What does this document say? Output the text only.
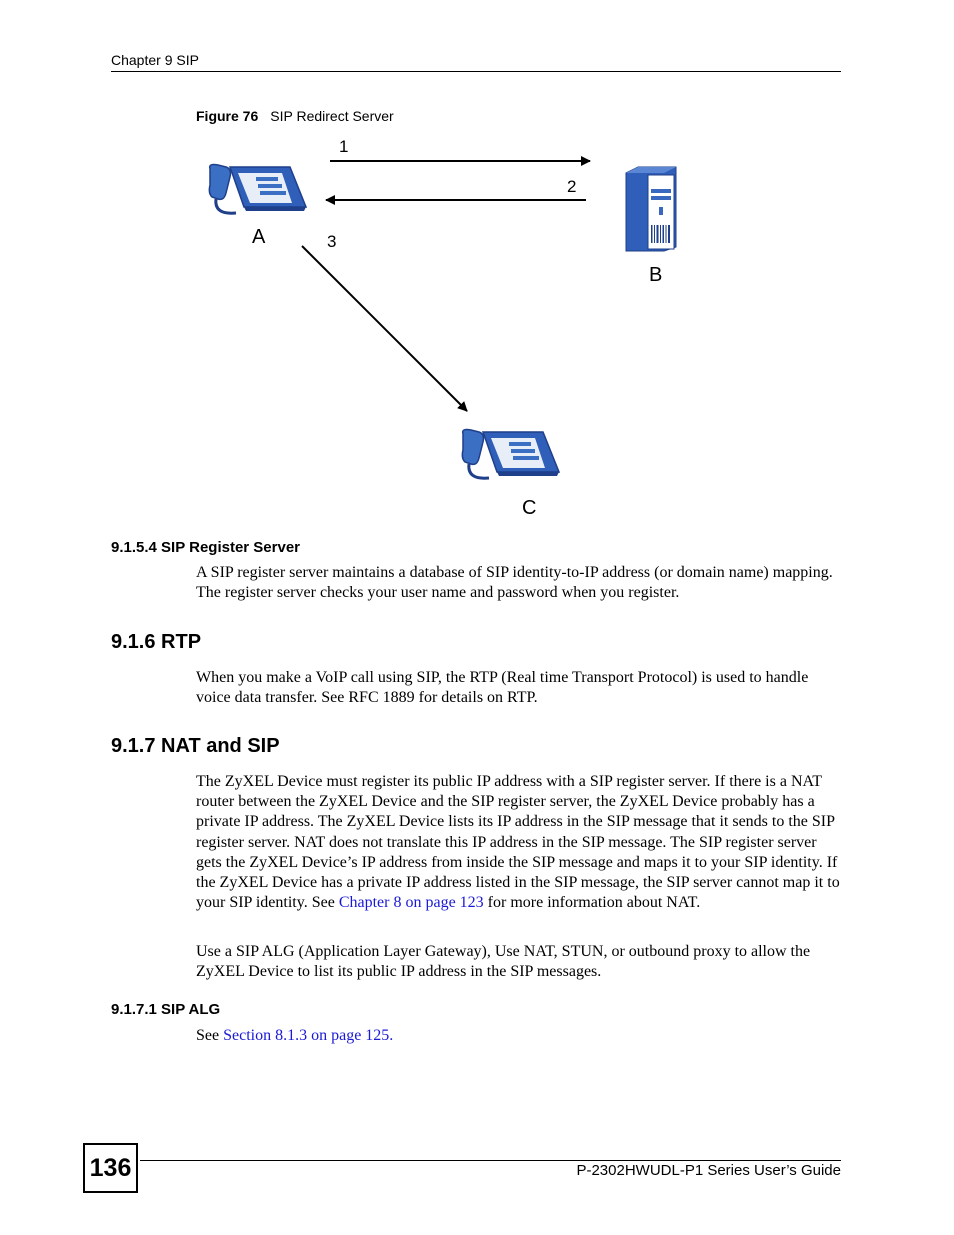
Chapter 9 SIP
Figure 76 SIP Redirect Server
1
2
3
A
B
C
9.1.5.4 SIP Register Server

A SIP register server maintains a database of SIP identity-to-IP address (or domain name) mapping. The register server checks your user name and password when you register.

9.1.6 RTP

When you make a VoIP call using SIP, the RTP (Real time Transport Protocol) is used to handle voice data transfer. See RFC 1889 for details on RTP.

9.1.7 NAT and SIP

The ZyXEL Device must register its public IP address with a SIP register server. If there is a NAT router between the ZyXEL Device and the SIP register server, the ZyXEL Device probably has a private IP address. The ZyXEL Device lists its IP address in the SIP message that it sends to the SIP register server. NAT does not translate this IP address in the SIP message. The SIP register server gets the ZyXEL Device’s IP address from inside the SIP message and maps it to your SIP identity. If the ZyXEL Device has a private IP address listed in the SIP message, the SIP server cannot map it to your SIP identity. See Chapter 8 on page 123 for more information about NAT.

Use a SIP ALG (Application Layer Gateway), Use NAT, STUN, or outbound proxy to allow the ZyXEL Device to list its public IP address in the SIP messages.

9.1.7.1 SIP ALG

See Section 8.1.3 on page 125.

136	P-2302HWUDL-P1 Series User’s Guide
